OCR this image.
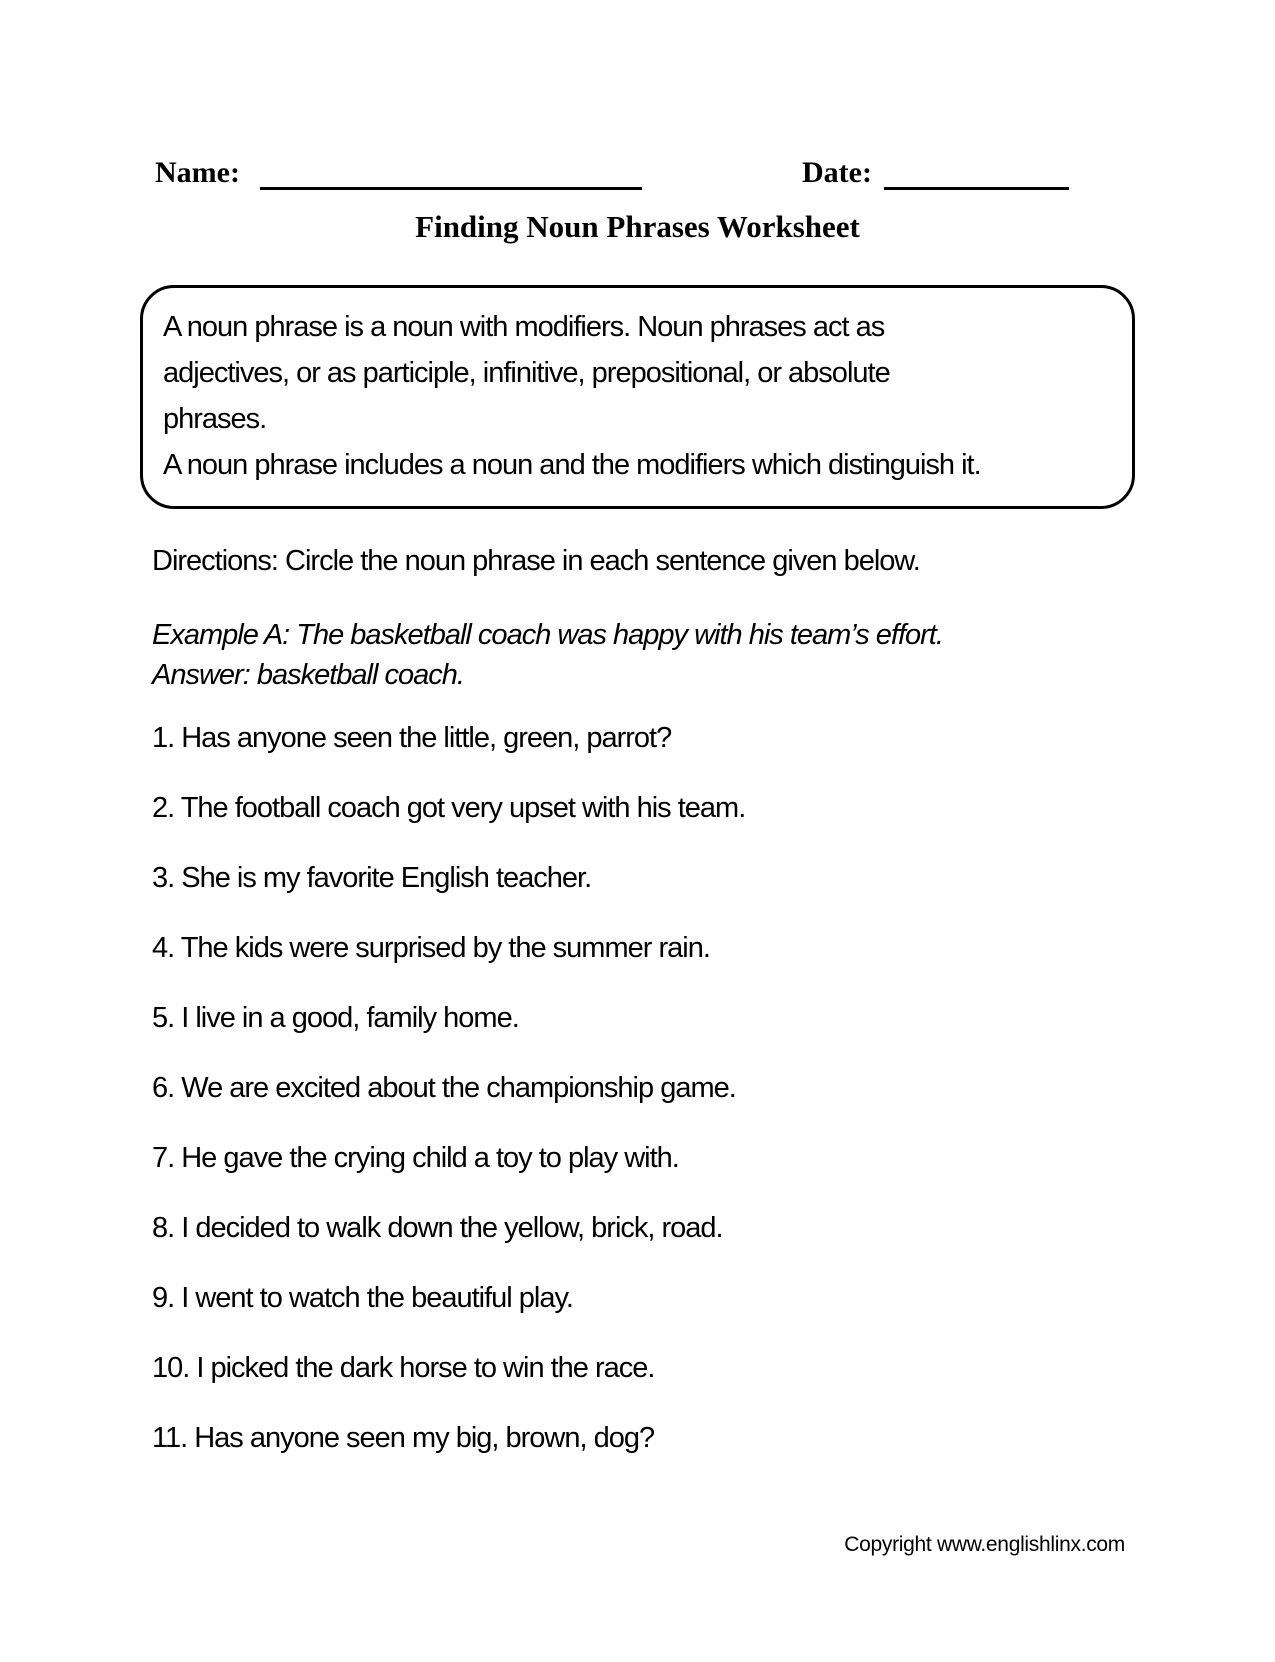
Name:	Date:
Finding Noun Phrases Worksheet
A noun phrase is a noun with modifiers. Noun phrases act as
adjectives, or as participle, infinitive, prepositional, or absolute
phrases.
A noun phrase includes a noun and the modifiers which distinguish it.
Directions: Circle the noun phrase in each sentence given below.
Example A: The basketball coach was happy with his team’s effort.
Answer: basketball coach.
1. Has anyone seen the little, green, parrot?
2. The football coach got very upset with his team.
3. She is my favorite English teacher.
4. The kids were surprised by the summer rain.
5. I live in a good, family home.
6. We are excited about the championship game.
7. He gave the crying child a toy to play with.
8. I decided to walk down the yellow, brick, road.
9. I went to watch the beautiful play.
10. I picked the dark horse to win the race.
11. Has anyone seen my big, brown, dog?
Copyright www.englishlinx.com
